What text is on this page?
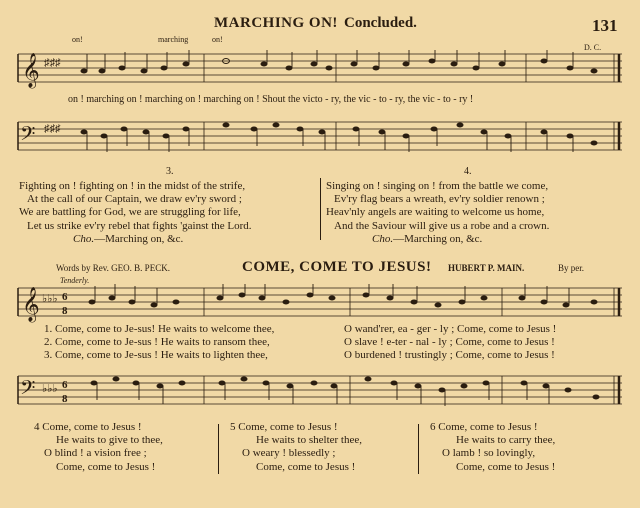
MARCHING ON! Concluded.	131
on!	marching	on!
D. C.
𝄞 ♯♯♯
on ! marching on ! marching on ! marching on ! Shout the victo - ry, the vic - to - ry, the vic - to - ry !
𝄢 ♯♯♯
3.	4.
Fighting on ! fighting on ! in the midst of the strife,
At the call of our Captain, we draw ev'ry sword ;
We are battling for God, we are struggling for life,
Let us strike ev'ry rebel that fights 'gainst the Lord.
Cho.—Marching on, &c.
Singing on ! singing on ! from the battle we come,
Ev'ry flag bears a wreath, ev'ry soldier renown ;
Heav'nly angels are waiting to welcome us home,
And the Saviour will give us a robe and a crown.
Cho.—Marching on, &c.
Words by Rev. GEO. B. PECK.	COME, COME TO JESUS! HUBERT P. MAIN.	By per.
Tenderly.
𝄞 ♭♭♭ 6
8
1. Come, come to Je-sus! He waits to welcome thee,
2. Come, come to Je-sus ! He waits to ransom thee,
3. Come, come to Je-sus ! He waits to lighten thee,
O wand'rer, ea - ger - ly ; Come, come to Jesus !
O slave ! e-ter - nal - ly ; Come, come to Jesus !
O burdened ! trustingly ; Come, come to Jesus !
𝄢 ♭♭♭ 6
8
4 Come, come to Jesus !
He waits to give to thee,
O blind ! a vision free ;
Come, come to Jesus !
5 Come, come to Jesus !
He waits to shelter thee,
O weary ! blessedly ;
Come, come to Jesus !
6 Come, come to Jesus !
He waits to carry thee,
O lamb ! so lovingly,
Come, come to Jesus !
